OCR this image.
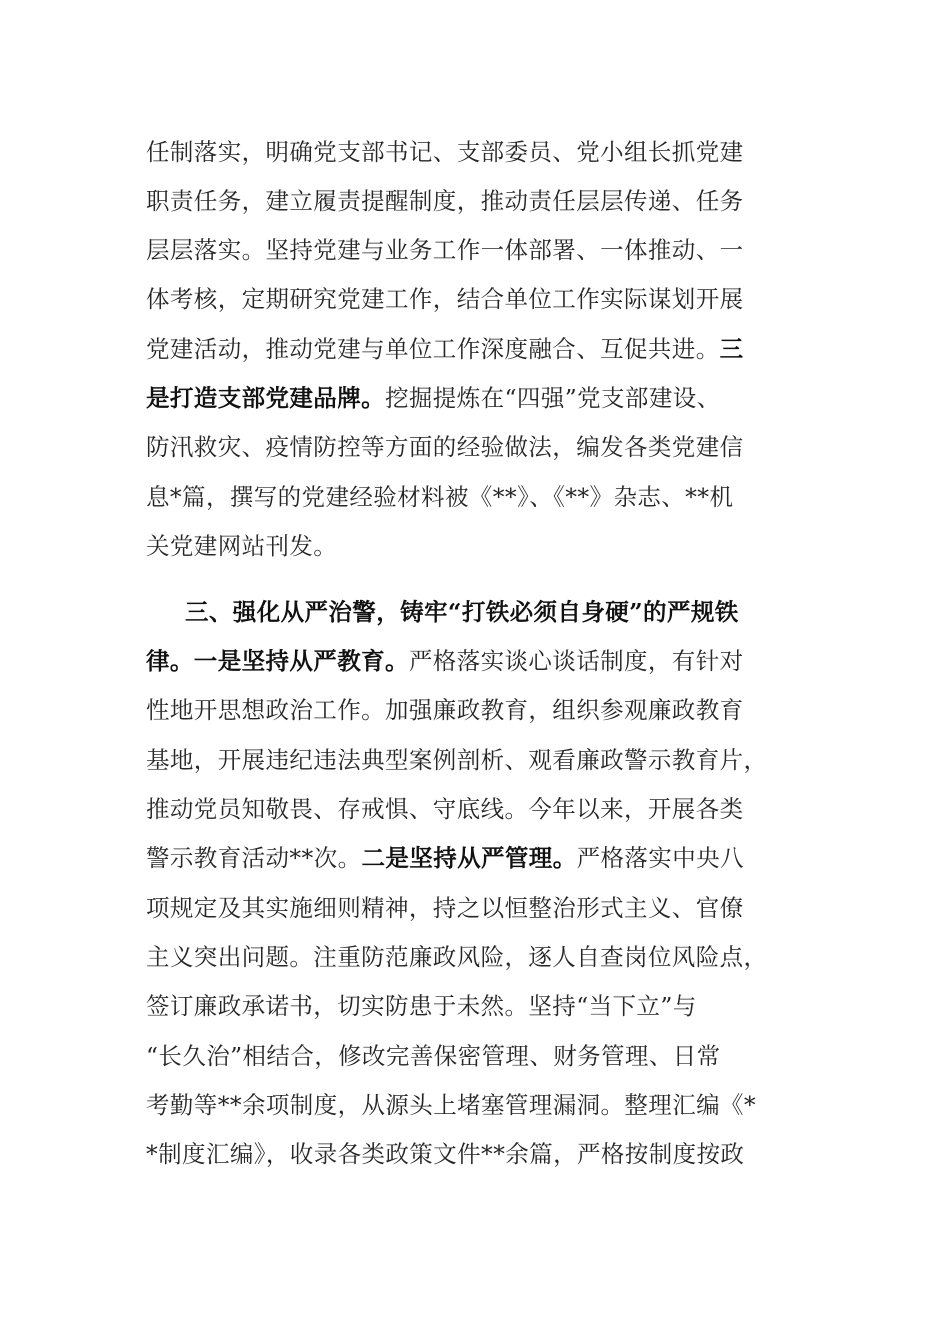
任制落实，明确党支部书记、支部委员、党小组长抓党建
职责任务，建立履责提醒制度，推动责任层层传递、任务
层层落实。坚持党建与业务工作一体部署、一体推动、一
体考核，定期研究党建工作，结合单位工作实际谋划开展
党建活动，推动党建与单位工作深度融合、互促共进。三
是打造支部党建品牌。挖掘提炼在“四强”党支部建设、
防汛救灾、疫情防控等方面的经验做法，编发各类党建信
息*篇，撰写的党建经验材料被《**》、《**》杂志、**机
关党建网站刊发。
三、强化从严治警，铸牢“打铁必须自身硬”的严规铁
律。一是坚持从严教育。严格落实谈心谈话制度，有针对
性地开思想政治工作。加强廉政教育，组织参观廉政教育
基地，开展违纪违法典型案例剖析、观看廉政警示教育片，
推动党员知敬畏、存戒惧、守底线。今年以来，开展各类
警示教育活动**次。二是坚持从严管理。严格落实中央八
项规定及其实施细则精神，持之以恒整治形式主义、官僚
主义突出问题。注重防范廉政风险，逐人自查岗位风险点，
签订廉政承诺书，切实防患于未然。坚持“当下立”与
“长久治”相结合，修改完善保密管理、财务管理、日常
考勤等**余项制度，从源头上堵塞管理漏洞。整理汇编《*
*制度汇编》，收录各类政策文件**余篇，严格按制度按政
